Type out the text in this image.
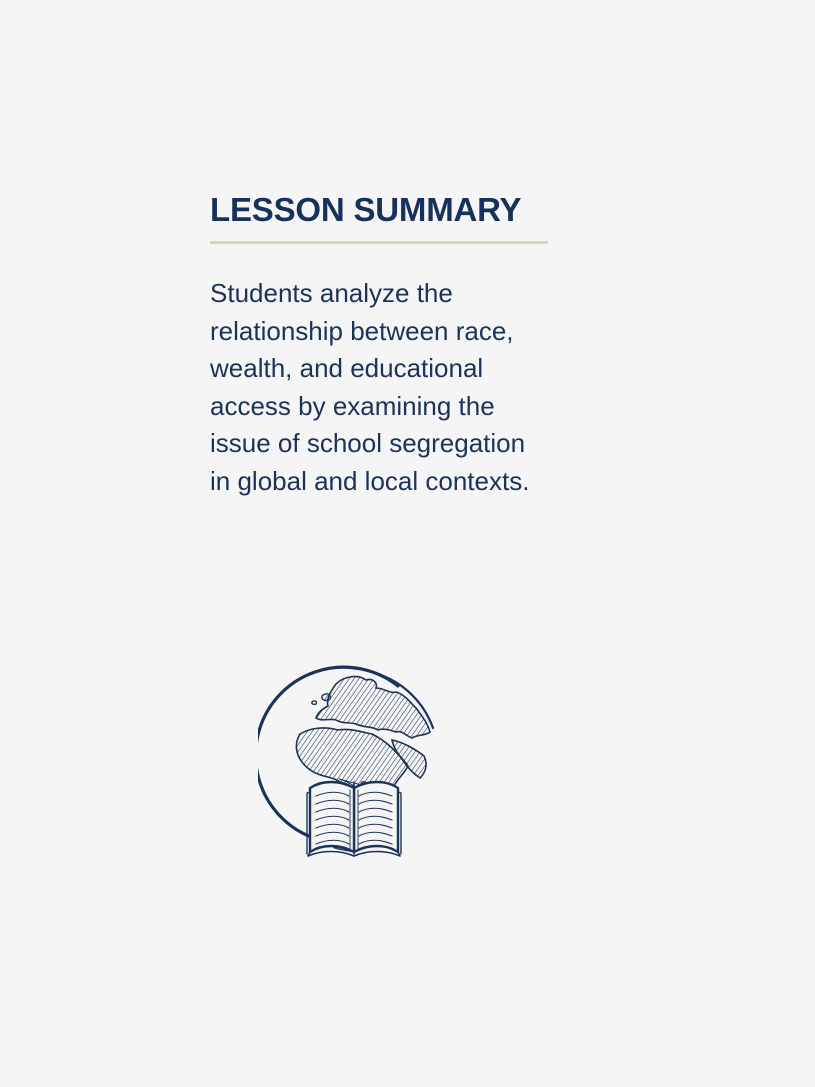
LESSON SUMMARY

Students analyze the
relationship between race,
wealth, and educational
access by examining the
issue of school segregation
in global and local contexts.
